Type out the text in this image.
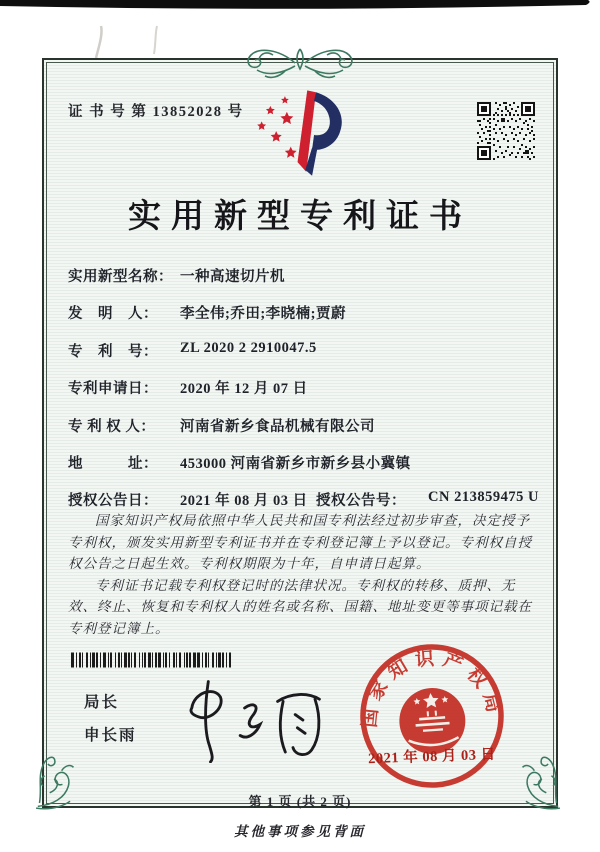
证 书 号 第 13852028 号
实用新型专利证书
实用新型名称： 一种高速切片机
发　明　人：	李全伟;乔田;李晓楠;贾蔚
专　利　号：	ZL 2020 2 2910047.5
专利申请日：	2020 年 12 月 07 日
专 利 权 人：	河南省新乡食品机械有限公司
地　　　址：	453000 河南省新乡市新乡县小冀镇
授权公告日：	2021 年 08 月 03 日 授权公告号：	CN 213859475 U

国家知识产权局依照中华人民共和国专利法经过初步审查，决定授予专利权，颁发实用新型专利证书并在专利登记簿上予以登记。专利权自授权公告之日起生效。专利权期限为十年，自申请日起算。

专利证书记载专利权登记时的法律状况。专利权的转移、质押、无效、终止、恢复和专利权人的姓名或名称、国籍、地址变更等事项记载在专利登记簿上。

局长
申长雨
国家知识产权局
2021 年 08 月 03 日
第 1 页 (共 2 页)
其他事项参见背面
